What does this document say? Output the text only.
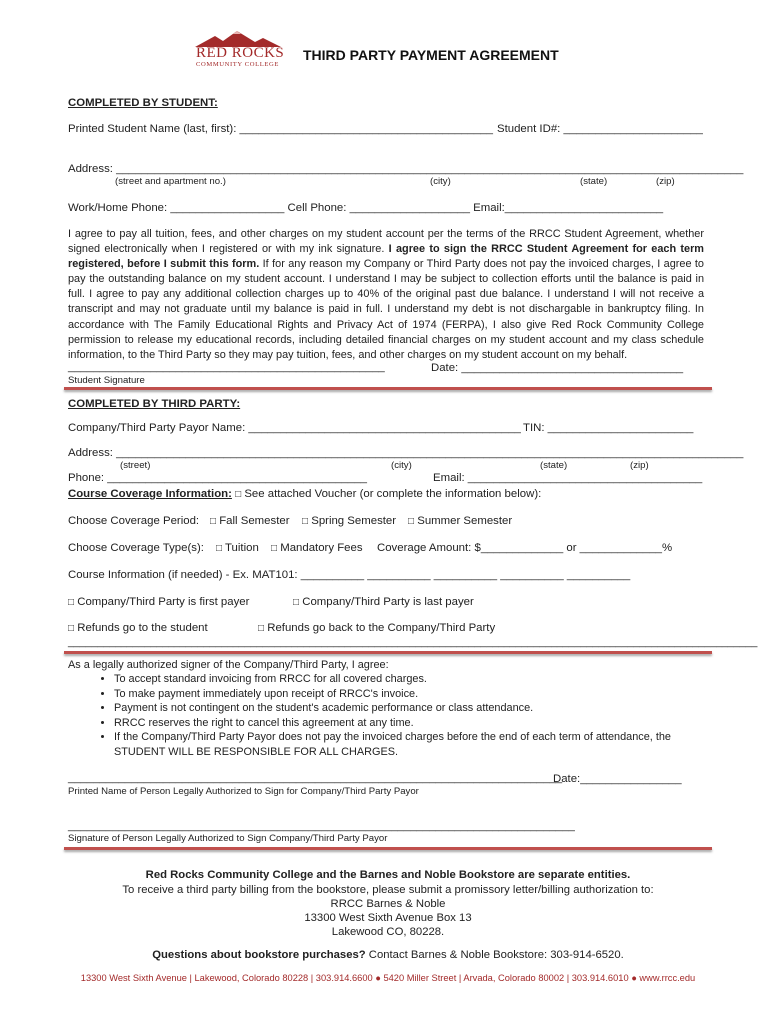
RED ROCKS
COMMUNITY COLLEGE
THIRD PARTY PAYMENT AGREEMENT
COMPLETED BY STUDENT:
Printed Student Name (last, first): ________________________________________ Student ID#: ______________________
Address: ___________________________________________________________________________________________________
(street and apartment no.)	(city)	(state)	(zip)
Work/Home Phone: __________________ Cell Phone: ___________________ Email:_________________________
I agree to pay all tuition, fees, and other charges on my student account per the terms of the RRCC Student Agreement, whether signed electronically when I registered or with my ink signature. I agree to sign the RRCC Student Agreement for each term registered, before I submit this form. If for any reason my Company or Third Party does not pay the invoiced charges, I agree to pay the outstanding balance on my student account. I understand I may be subject to collection efforts until the balance is paid in full. I agree to pay any additional collection charges up to 40% of the original past due balance. I understand I will not receive a transcript and may not graduate until my balance is paid in full. I understand my debt is not dischargable in bankruptcy filing. In accordance with The Family Educational Rights and Privacy Act of 1974 (FERPA), I also give Red Rock Community College permission to release my educational records, including detailed financial charges on my student account and my class schedule information, to the Third Party so they may pay tuition, fees, and other charges on my student account on my behalf.
__________________________________________________	Date: ___________________________________
Student Signature
COMPLETED BY THIRD PARTY:
Company/Third Party Payor Name: ___________________________________________ TIN: _______________________
Address: ___________________________________________________________________________________________________
(street)	(city)	(state)	(zip)
Phone: _________________________________________	Email: _____________________________________
Course Coverage Information: □ See attached Voucher (or complete the information below):
Choose Coverage Period: □ Fall Semester □ Spring Semester □ Summer Semester
Choose Coverage Type(s): □ Tuition □ Mandatory Fees Coverage Amount: $_____________ or _____________%
Course Information (if needed) - Ex. MAT101: __________ __________ __________ __________ __________
□ Company/Third Party is first payer	□ Company/Third Party is last payer
□ Refunds go to the student	□ Refunds go back to the Company/Third Party
_____________________________________________________________________________________________________________________
As a legally authorized signer of the Company/Third Party, I agree:
• To accept standard invoicing from RRCC for all covered charges.
• To make payment immediately upon receipt of RRCC's invoice.
• Payment is not contingent on the student's academic performance or class attendance.
• RRCC reserves the right to cancel this agreement at any time.
• If the Company/Third Party Payor does not pay the invoiced charges before the end of each term of attendance, the STUDENT WILL BE RESPONSIBLE FOR ALL CHARGES.
______________________________________________________________________________
Date:________________
Printed Name of Person Legally Authorized to Sign for Company/Third Party Payor
________________________________________________________________________________
Signature of Person Legally Authorized to Sign Company/Third Party Payor
Red Rocks Community College and the Barnes and Noble Bookstore are separate entities.
To receive a third party billing from the bookstore, please submit a promissory letter/billing authorization to:
RRCC Barnes & Noble
13300 West Sixth Avenue Box 13
Lakewood CO, 80228.
Questions about bookstore purchases? Contact Barnes & Noble Bookstore: 303-914-6520.
13300 West Sixth Avenue | Lakewood, Colorado 80228 | 303.914.6600 ● 5420 Miller Street | Arvada, Colorado 80002 | 303.914.6010 ● www.rrcc.edu
